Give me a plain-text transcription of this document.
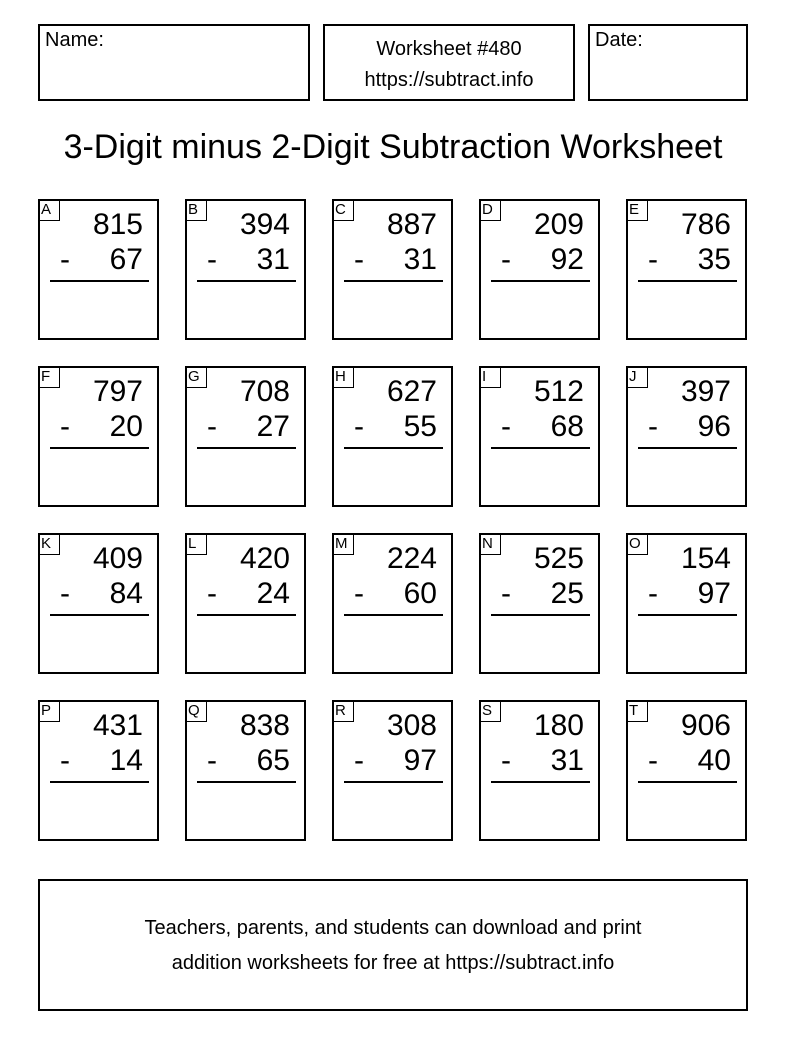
Name:	Worksheet #480
https://subtract.info
Date:
3-Digit minus 2-Digit Subtraction Worksheet
A 815
- 67
B 394
- 31
C 887
- 31
D 209
- 92
E 786
- 35
F	797
- 20
G 708
- 27
H 627
- 55
I	512
- 68
J	397
- 96
K 409
- 84
L	420
- 24
M 224
- 60
N 525
- 25
O 154
- 97
P 431
- 14
Q 838
- 65
R 308
- 97
S 180
- 31
T	906
- 40
Teachers, parents, and students can download and print
addition worksheets for free at https://subtract.info
